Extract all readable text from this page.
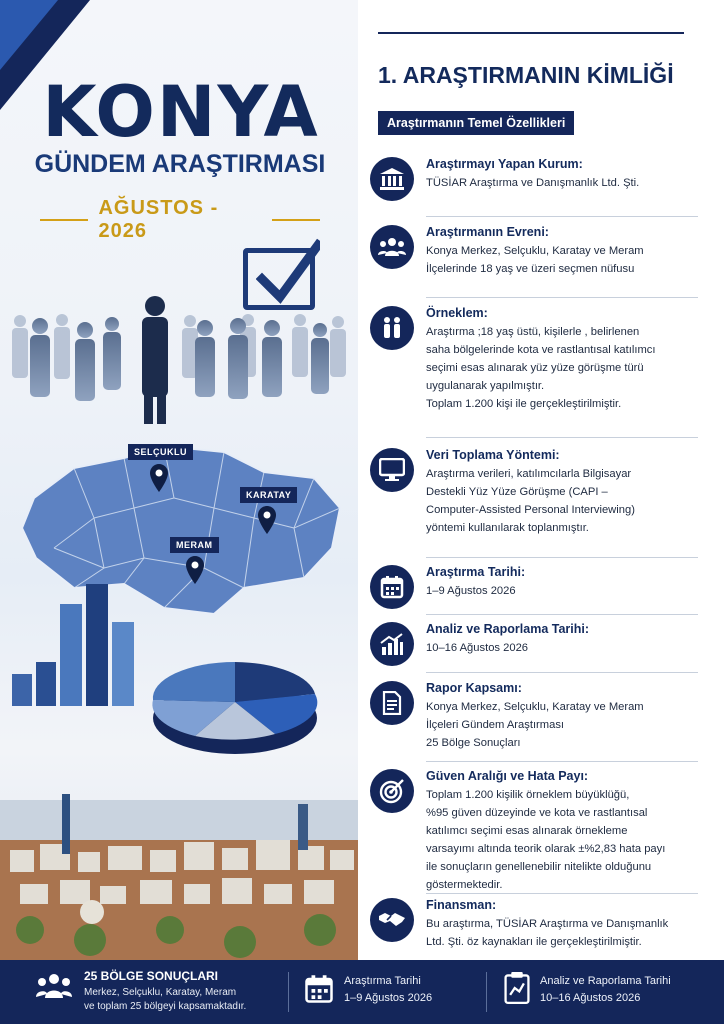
KONYA
GÜNDEM ARAŞTIRMASI
AĞUSTOS - 2026
SELÇUKLU
KARATAY
MERAM
1. ARAŞTIRMANIN KİMLİĞİ
Araştırmanın Temel Özellikleri
Araştırmayı Yapan Kurum:
TÜSİAR Araştırma ve Danışmanlık Ltd. Şti.
Araştırmanın Evreni:
Konya Merkez, Selçuklu, Karatay ve Meram
İlçelerinde 18 yaş ve üzeri seçmen nüfusu
Örneklem:
Araştırma ;18 yaş üstü, kişilerle , belirlenen
saha bölgelerinde kota ve rastlantısal katılımcı
seçimi esas alınarak yüz yüze görüşme türü
uygulanarak yapılmıştır.
Toplam 1.200 kişi ile gerçekleştirilmiştir.
Veri Toplama Yöntemi:
Araştırma verileri, katılımcılarla Bilgisayar
Destekli Yüz Yüze Görüşme (CAPI –
Computer-Assisted Personal Interviewing)
yöntemi kullanılarak toplanmıştır.
Araştırma Tarihi:
1–9 Ağustos 2026
Analiz ve Raporlama Tarihi:
10–16 Ağustos 2026
Rapor Kapsamı:
Konya Merkez, Selçuklu, Karatay ve Meram
İlçeleri Gündem Araştırması
25 Bölge Sonuçları
Güven Aralığı ve Hata Payı:
Toplam 1.200 kişilik örneklem büyüklüğü,
%95 güven düzeyinde ve kota ve rastlantısal
katılımcı seçimi esas alınarak örnekleme
varsayımı altında teorik olarak ±%2,83 hata payı
ile sonuçların genellenebilir nitelikte olduğunu
göstermektedir.
Finansman:
Bu araştırma, TÜSİAR Araştırma ve Danışmanlık
Ltd. Şti. öz kaynakları ile gerçekleştirilmiştir.
25 BÖLGE SONUÇLARI
Merkez, Selçuklu, Karatay, Meram
ve toplam 25 bölgeyi kapsamaktadır.
Araştırma Tarihi
1–9 Ağustos 2026
Analiz ve Raporlama Tarihi
10–16 Ağustos 2026
